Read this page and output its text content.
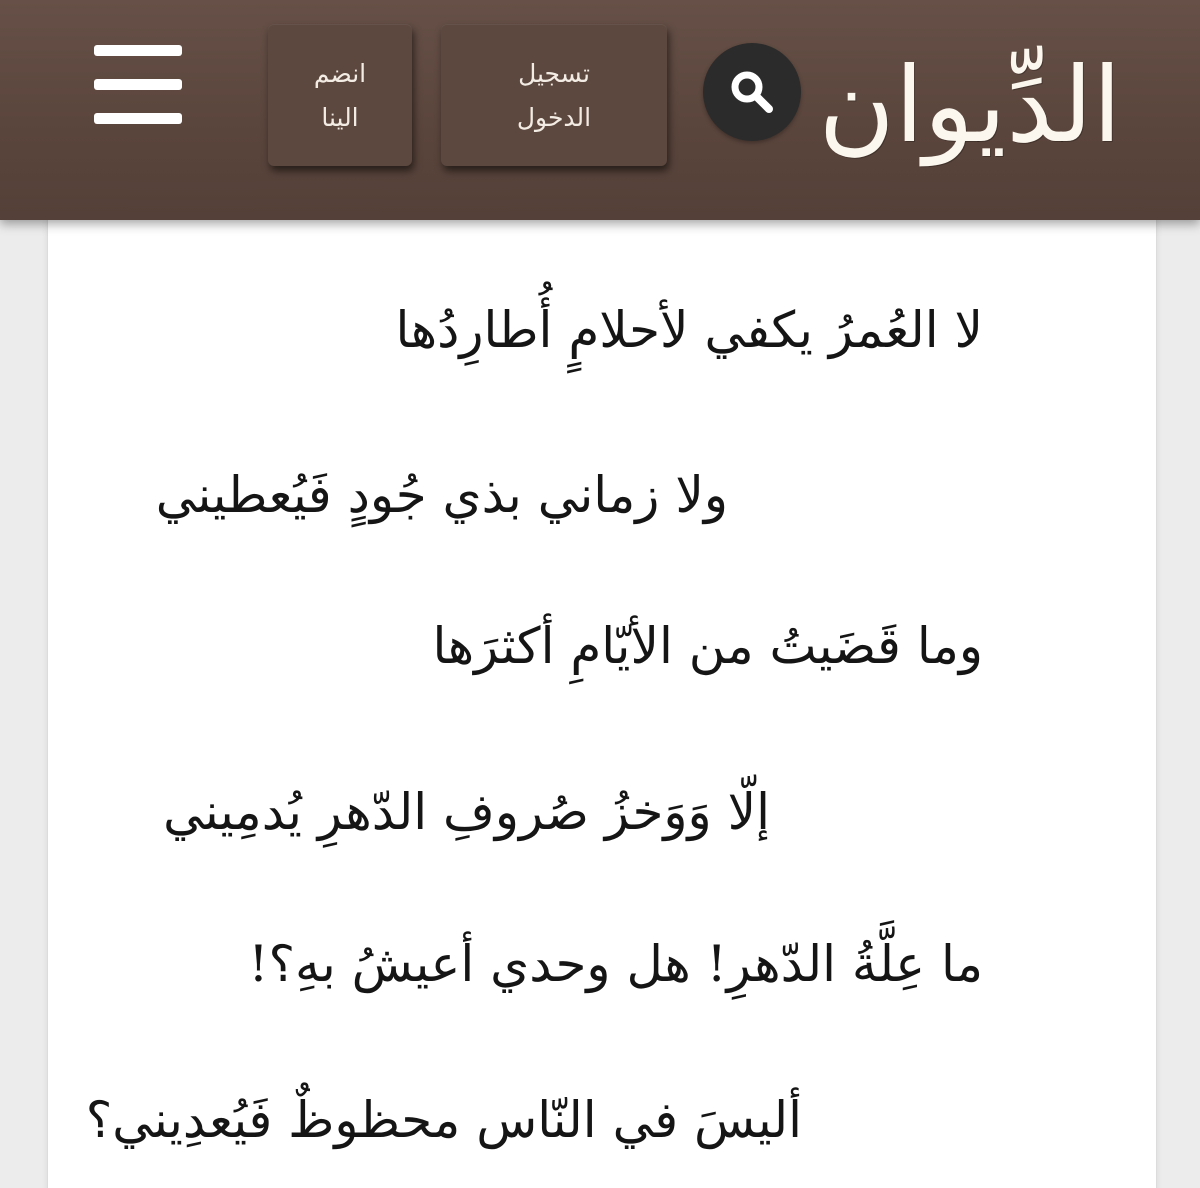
الدِّيوان
تسجيل
الدخول
انضم
الينا
لا العُمرُ يكفي لأحلامٍ أُطارِدُها
ولا زماني بذي جُودٍ فَيُعطيني
وما قَضَيتُ من الأيّامِ أكثرَها
إلّا وَوَخزُ صُروفِ الدّهرِ يُدمِيني
ما عِلَّةُ الدّهرِ! هل وحدي أعيشُ بهِ؟!
أليسَ في النّاس محظوظٌ فَيُعدِيني؟
